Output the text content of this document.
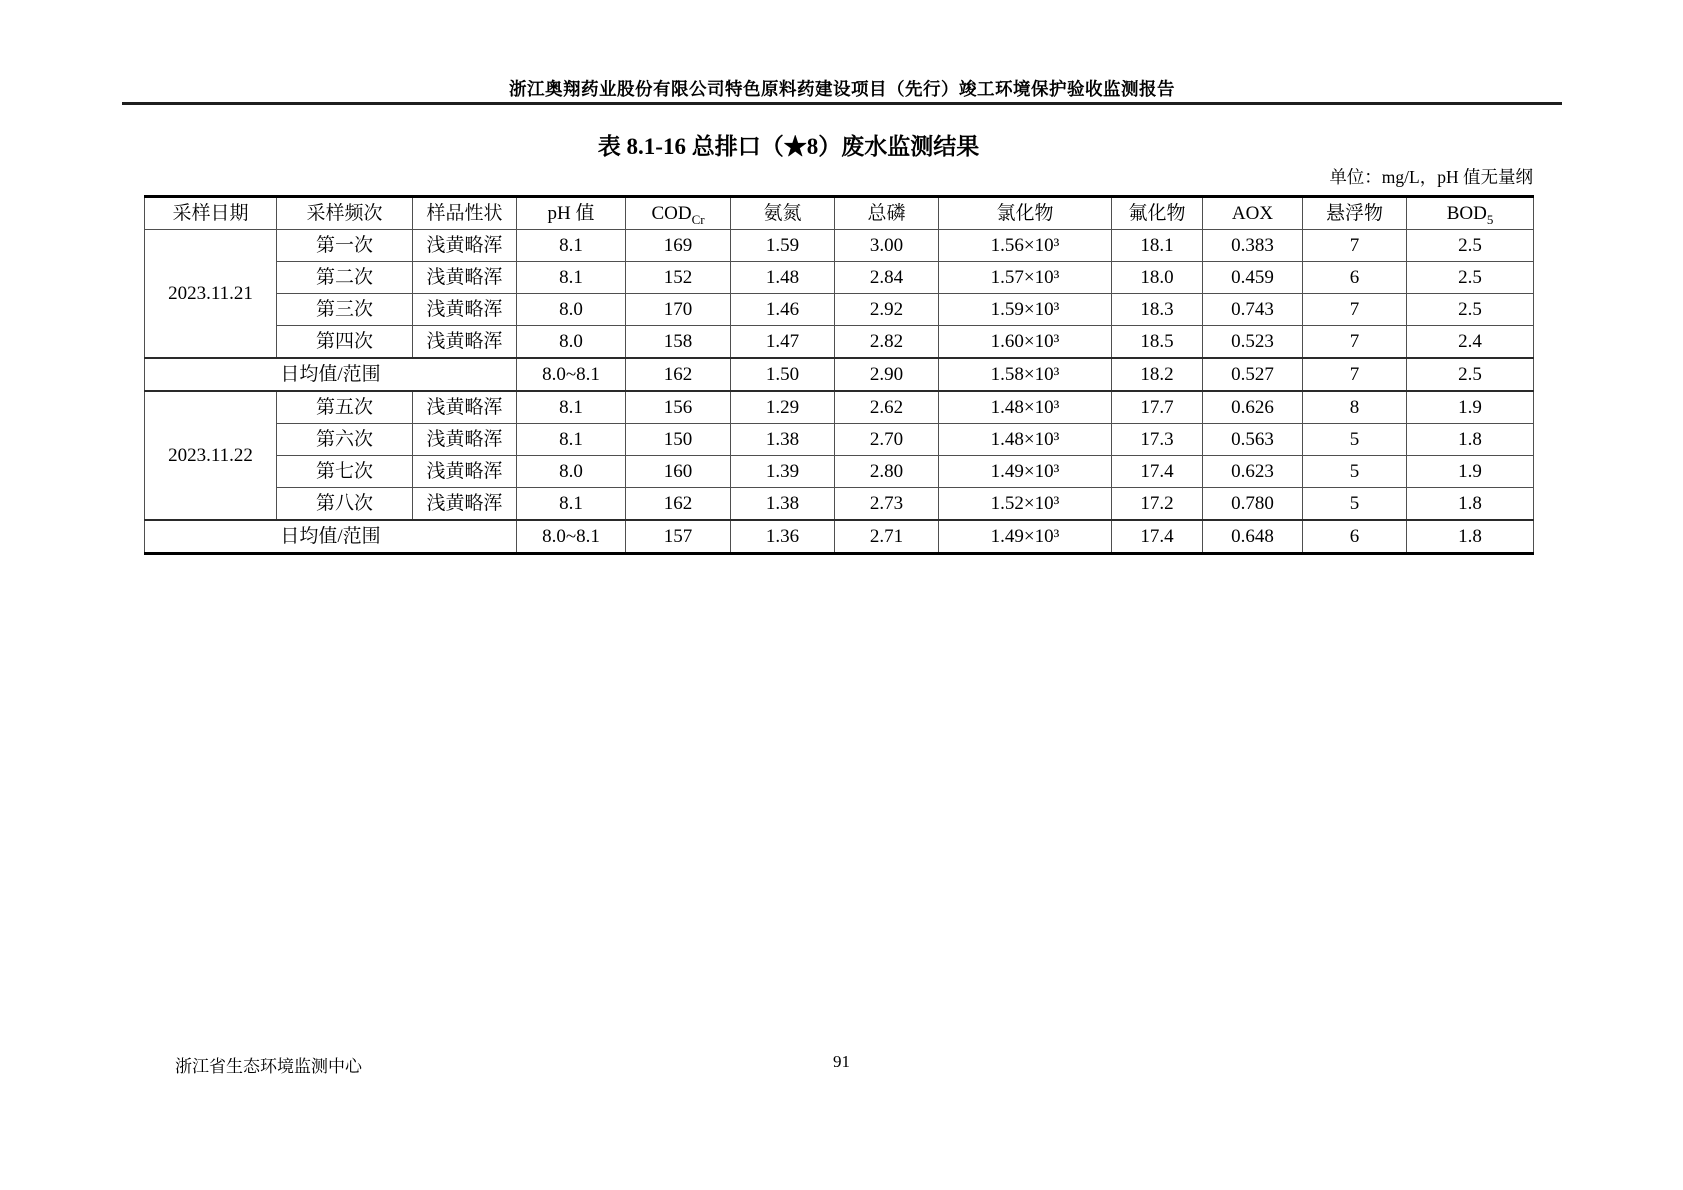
浙江奥翔药业股份有限公司特色原料药建设项目（先行）竣工环境保护验收监测报告
表 8.1-16 总排口（★8）废水监测结果
单位：mg/L，pH 值无量纲
采样日期	采样频次	样品性状	pH 值	$COD_{Cr}$	氨氮	总磷	氯化物	氟化物	AOX	悬浮物	$BOD_5$
2023.11.21	第一次	浅黄略浑	8.1	169	1.59	3.00	1.56×10³	18.1	0.383	7	2.5
	第二次	浅黄略浑	8.1	152	1.48	2.84	1.57×10³	18.0	0.459	6	2.5
	第三次	浅黄略浑	8.0	170	1.46	2.92	1.59×10³	18.3	0.743	7	2.5
	第四次	浅黄略浑	8.0	158	1.47	2.82	1.60×10³	18.5	0.523	7	2.4
日均值/范围			8.0~8.1	162	1.50	2.90	1.58×10³	18.2	0.527	7	2.5
2023.11.22	第五次	浅黄略浑	8.1	156	1.29	2.62	1.48×10³	17.7	0.626	8	1.9
	第六次	浅黄略浑	8.1	150	1.38	2.70	1.48×10³	17.3	0.563	5	1.8
	第七次	浅黄略浑	8.0	160	1.39	2.80	1.49×10³	17.4	0.623	5	1.9
	第八次	浅黄略浑	8.1	162	1.38	2.73	1.52×10³	17.2	0.780	5	1.8
日均值/范围			8.0~8.1	157	1.36	2.71	1.49×10³	17.4	0.648	6	1.8
浙江省生态环境监测中心	91
